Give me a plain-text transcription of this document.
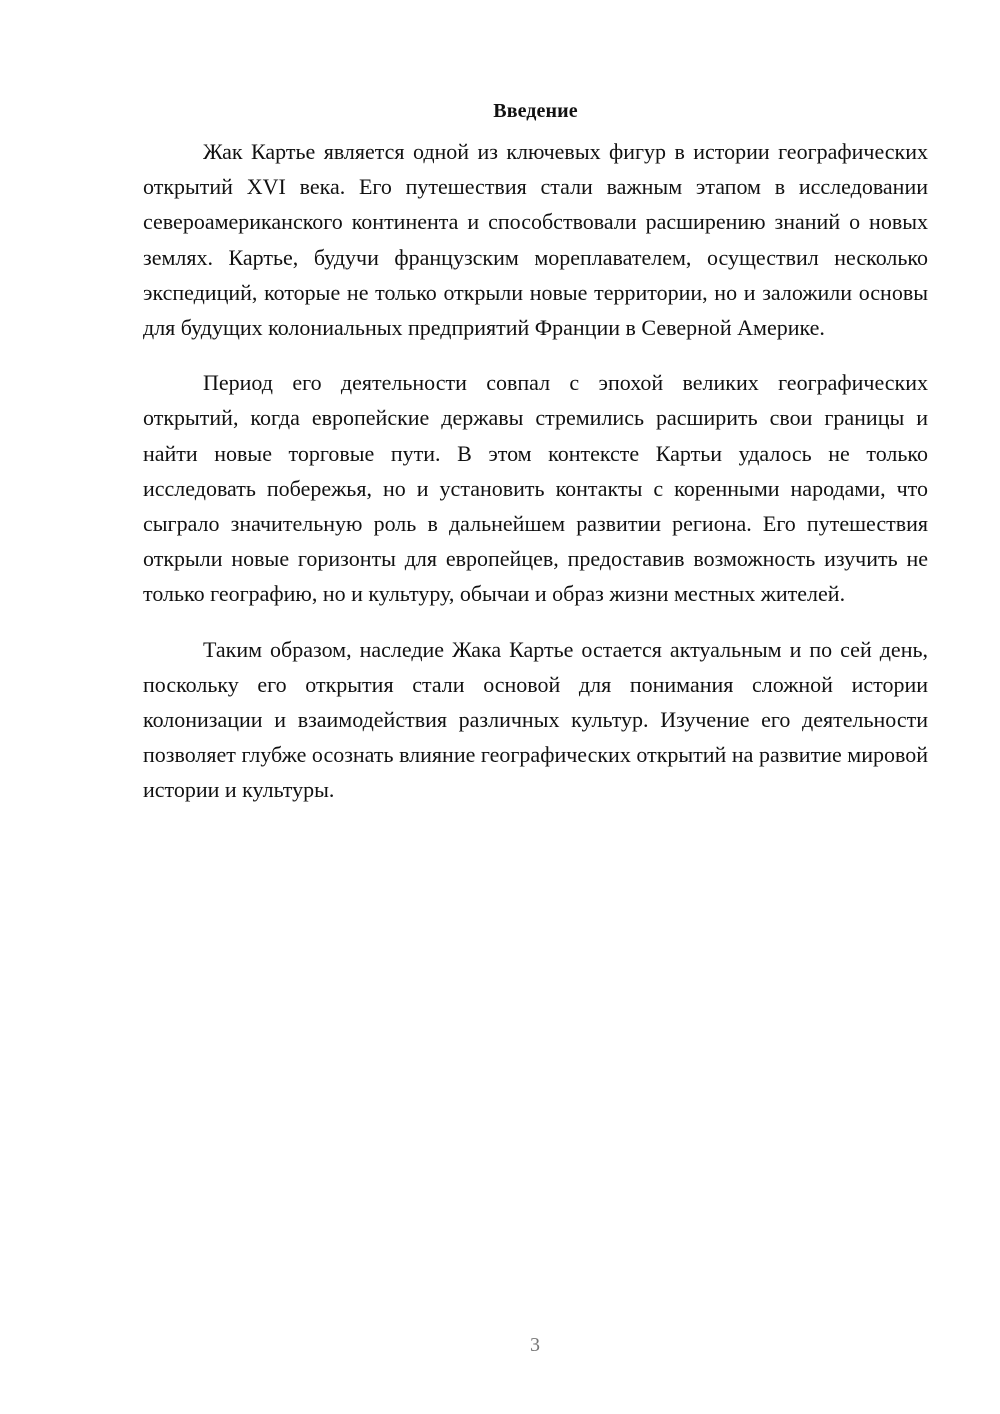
Введение

Жак Картье является одной из ключевых фигур в истории географических открытий XVI века. Его путешествия стали важным этапом в исследовании североамериканского континента и способствовали расширению знаний о новых землях. Картье, будучи французским мореплавателем, осуществил несколько экспедиций, которые не только открыли новые территории, но и заложили основы для будущих колониальных предприятий Франции в Северной Америке.

Период его деятельности совпал с эпохой великих географических открытий, когда европейские державы стремились расширить свои границы и найти новые торговые пути. В этом контексте Картьи удалось не только исследовать побережья, но и установить контакты с коренными народами, что сыграло значительную роль в дальнейшем развитии региона. Его путешествия открыли новые горизонты для европейцев, предоставив возможность изучить не только географию, но и культуру, обычаи и образ жизни местных жителей.

Таким образом, наследие Жака Картье остается актуальным и по сей день, поскольку его открытия стали основой для понимания сложной истории колонизации и взаимодействия различных культур. Изучение его деятельности позволяет глубже осознать влияние географических открытий на развитие мировой истории и культуры.

3
